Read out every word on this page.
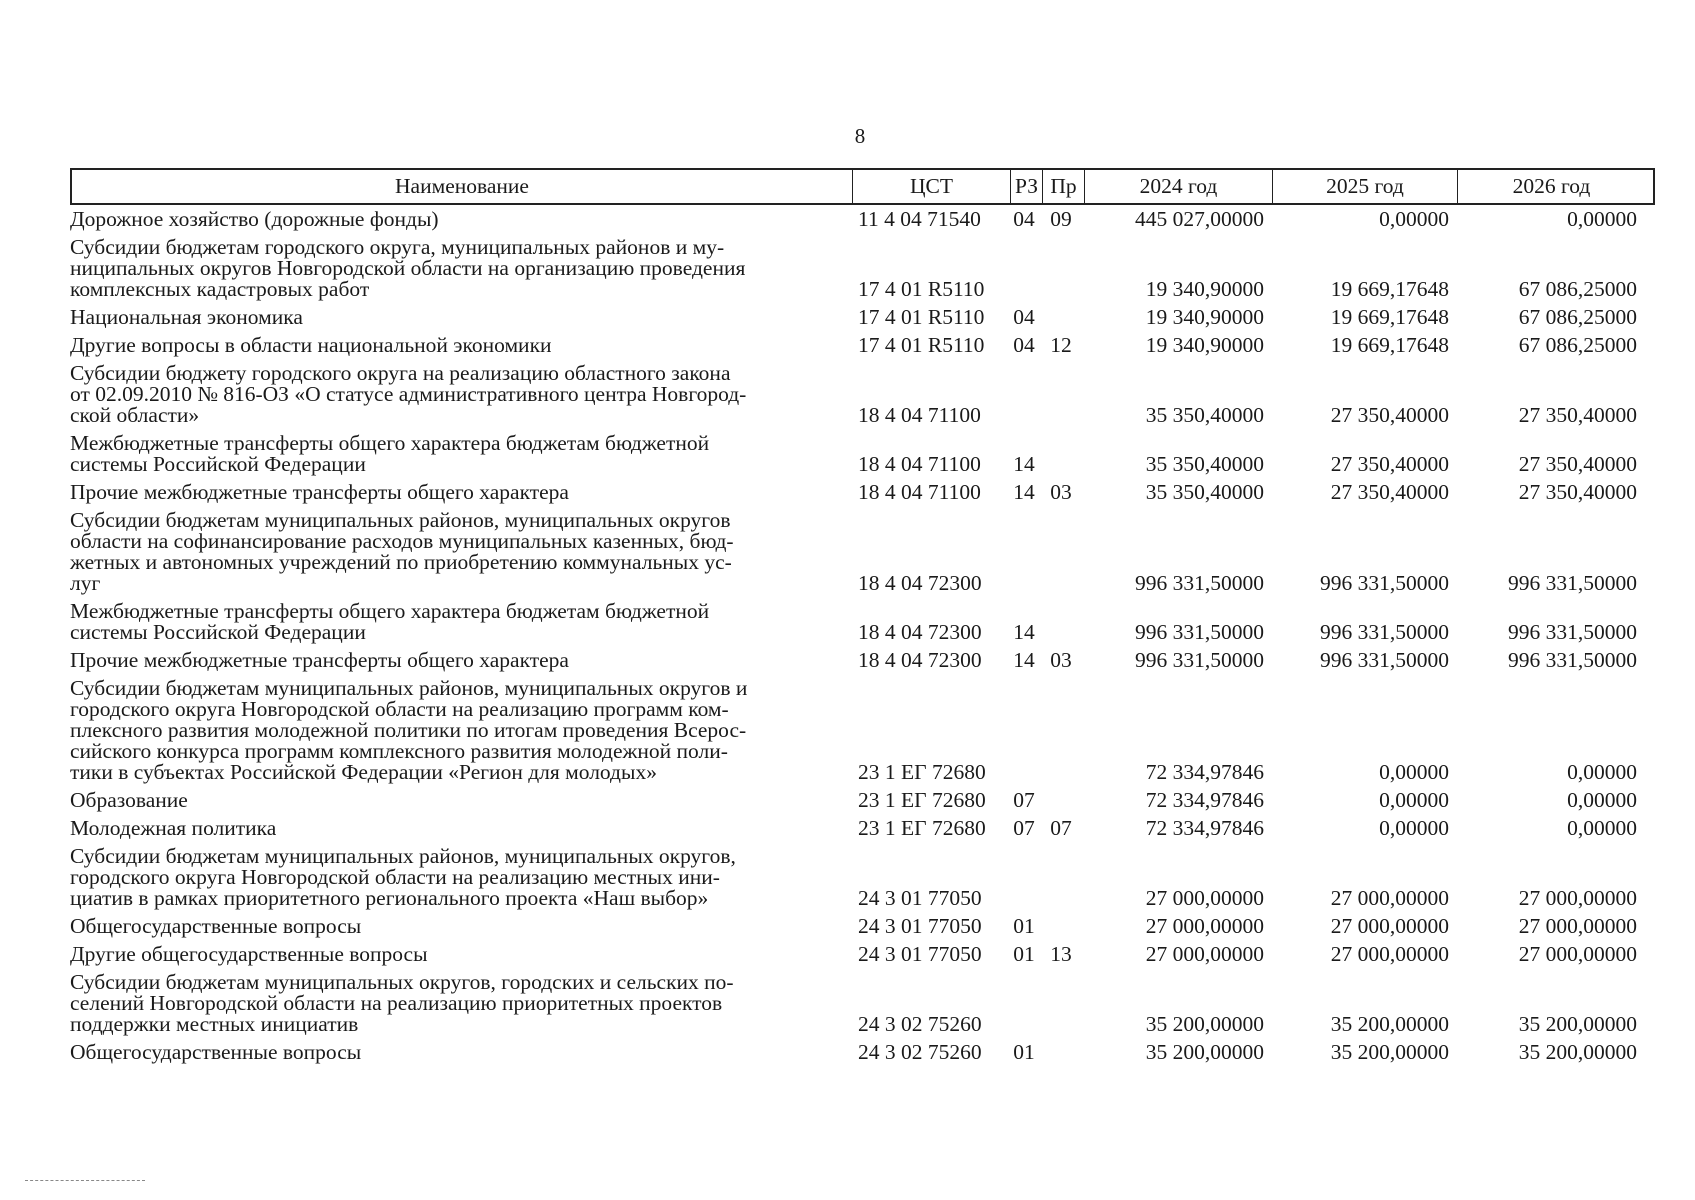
8
Наименование	ЦСТ	РЗ Пр	2024 год	2025 год	2026 год
Дорожное хозяйство (дорожные фонды)	11 4 04 71540	04 09	445 027,00000	0,00000	0,00000
Субсидии бюджетам городского округа, муниципальных районов и му-
ниципальных округов Новгородской области на организацию проведения
комплексных кадастровых работ	17 4 01 R5110	19 340,90000	19 669,17648	67 086,25000
Национальная экономика	17 4 01 R5110	04	19 340,90000	19 669,17648	67 086,25000
Другие вопросы в области национальной экономики	17 4 01 R5110	04 12	19 340,90000	19 669,17648	67 086,25000
Субсидии бюджету городского округа на реализацию областного закона
от 02.09.2010 № 816-ОЗ «О статусе административного центра Новгород-
ской области»	18 4 04 71100	35 350,40000	27 350,40000	27 350,40000
Межбюджетные трансферты общего характера бюджетам бюджетной
системы Российской Федерации	18 4 04 71100	14	35 350,40000	27 350,40000	27 350,40000
Прочие межбюджетные трансферты общего характера	18 4 04 71100	14 03	35 350,40000	27 350,40000	27 350,40000
Субсидии бюджетам муниципальных районов, муниципальных округов
области на софинансирование расходов муниципальных казенных, бюд-
жетных и автономных учреждений по приобретению коммунальных ус-
луг	18 4 04 72300	996 331,50000	996 331,50000	996 331,50000
Межбюджетные трансферты общего характера бюджетам бюджетной
системы Российской Федерации	18 4 04 72300	14	996 331,50000	996 331,50000	996 331,50000
Прочие межбюджетные трансферты общего характера	18 4 04 72300	14 03	996 331,50000	996 331,50000	996 331,50000
Субсидии бюджетам муниципальных районов, муниципальных округов и
городского округа Новгородской области на реализацию программ ком-
плексного развития молодежной политики по итогам проведения Всерос-
сийского конкурса программ комплексного развития молодежной поли-
тики в субъектах Российской Федерации «Регион для молодых»	23 1 ЕГ 72680	72 334,97846	0,00000	0,00000
Образование	23 1 ЕГ 72680	07	72 334,97846	0,00000	0,00000
Молодежная политика	23 1 ЕГ 72680	07 07	72 334,97846	0,00000	0,00000
Субсидии бюджетам муниципальных районов, муниципальных округов,
городского округа Новгородской области на реализацию местных ини-
циатив в рамках приоритетного регионального проекта «Наш выбор»	24 3 01 77050	27 000,00000	27 000,00000	27 000,00000
Общегосударственные вопросы	24 3 01 77050	01	27 000,00000	27 000,00000	27 000,00000
Другие общегосударственные вопросы	24 3 01 77050	01 13	27 000,00000	27 000,00000	27 000,00000
Субсидии бюджетам муниципальных округов, городских и сельских по-
селений Новгородской области на реализацию приоритетных проектов
поддержки местных инициатив	24 3 02 75260	35 200,00000	35 200,00000	35 200,00000
Общегосударственные вопросы	24 3 02 75260	01	35 200,00000	35 200,00000	35 200,00000
